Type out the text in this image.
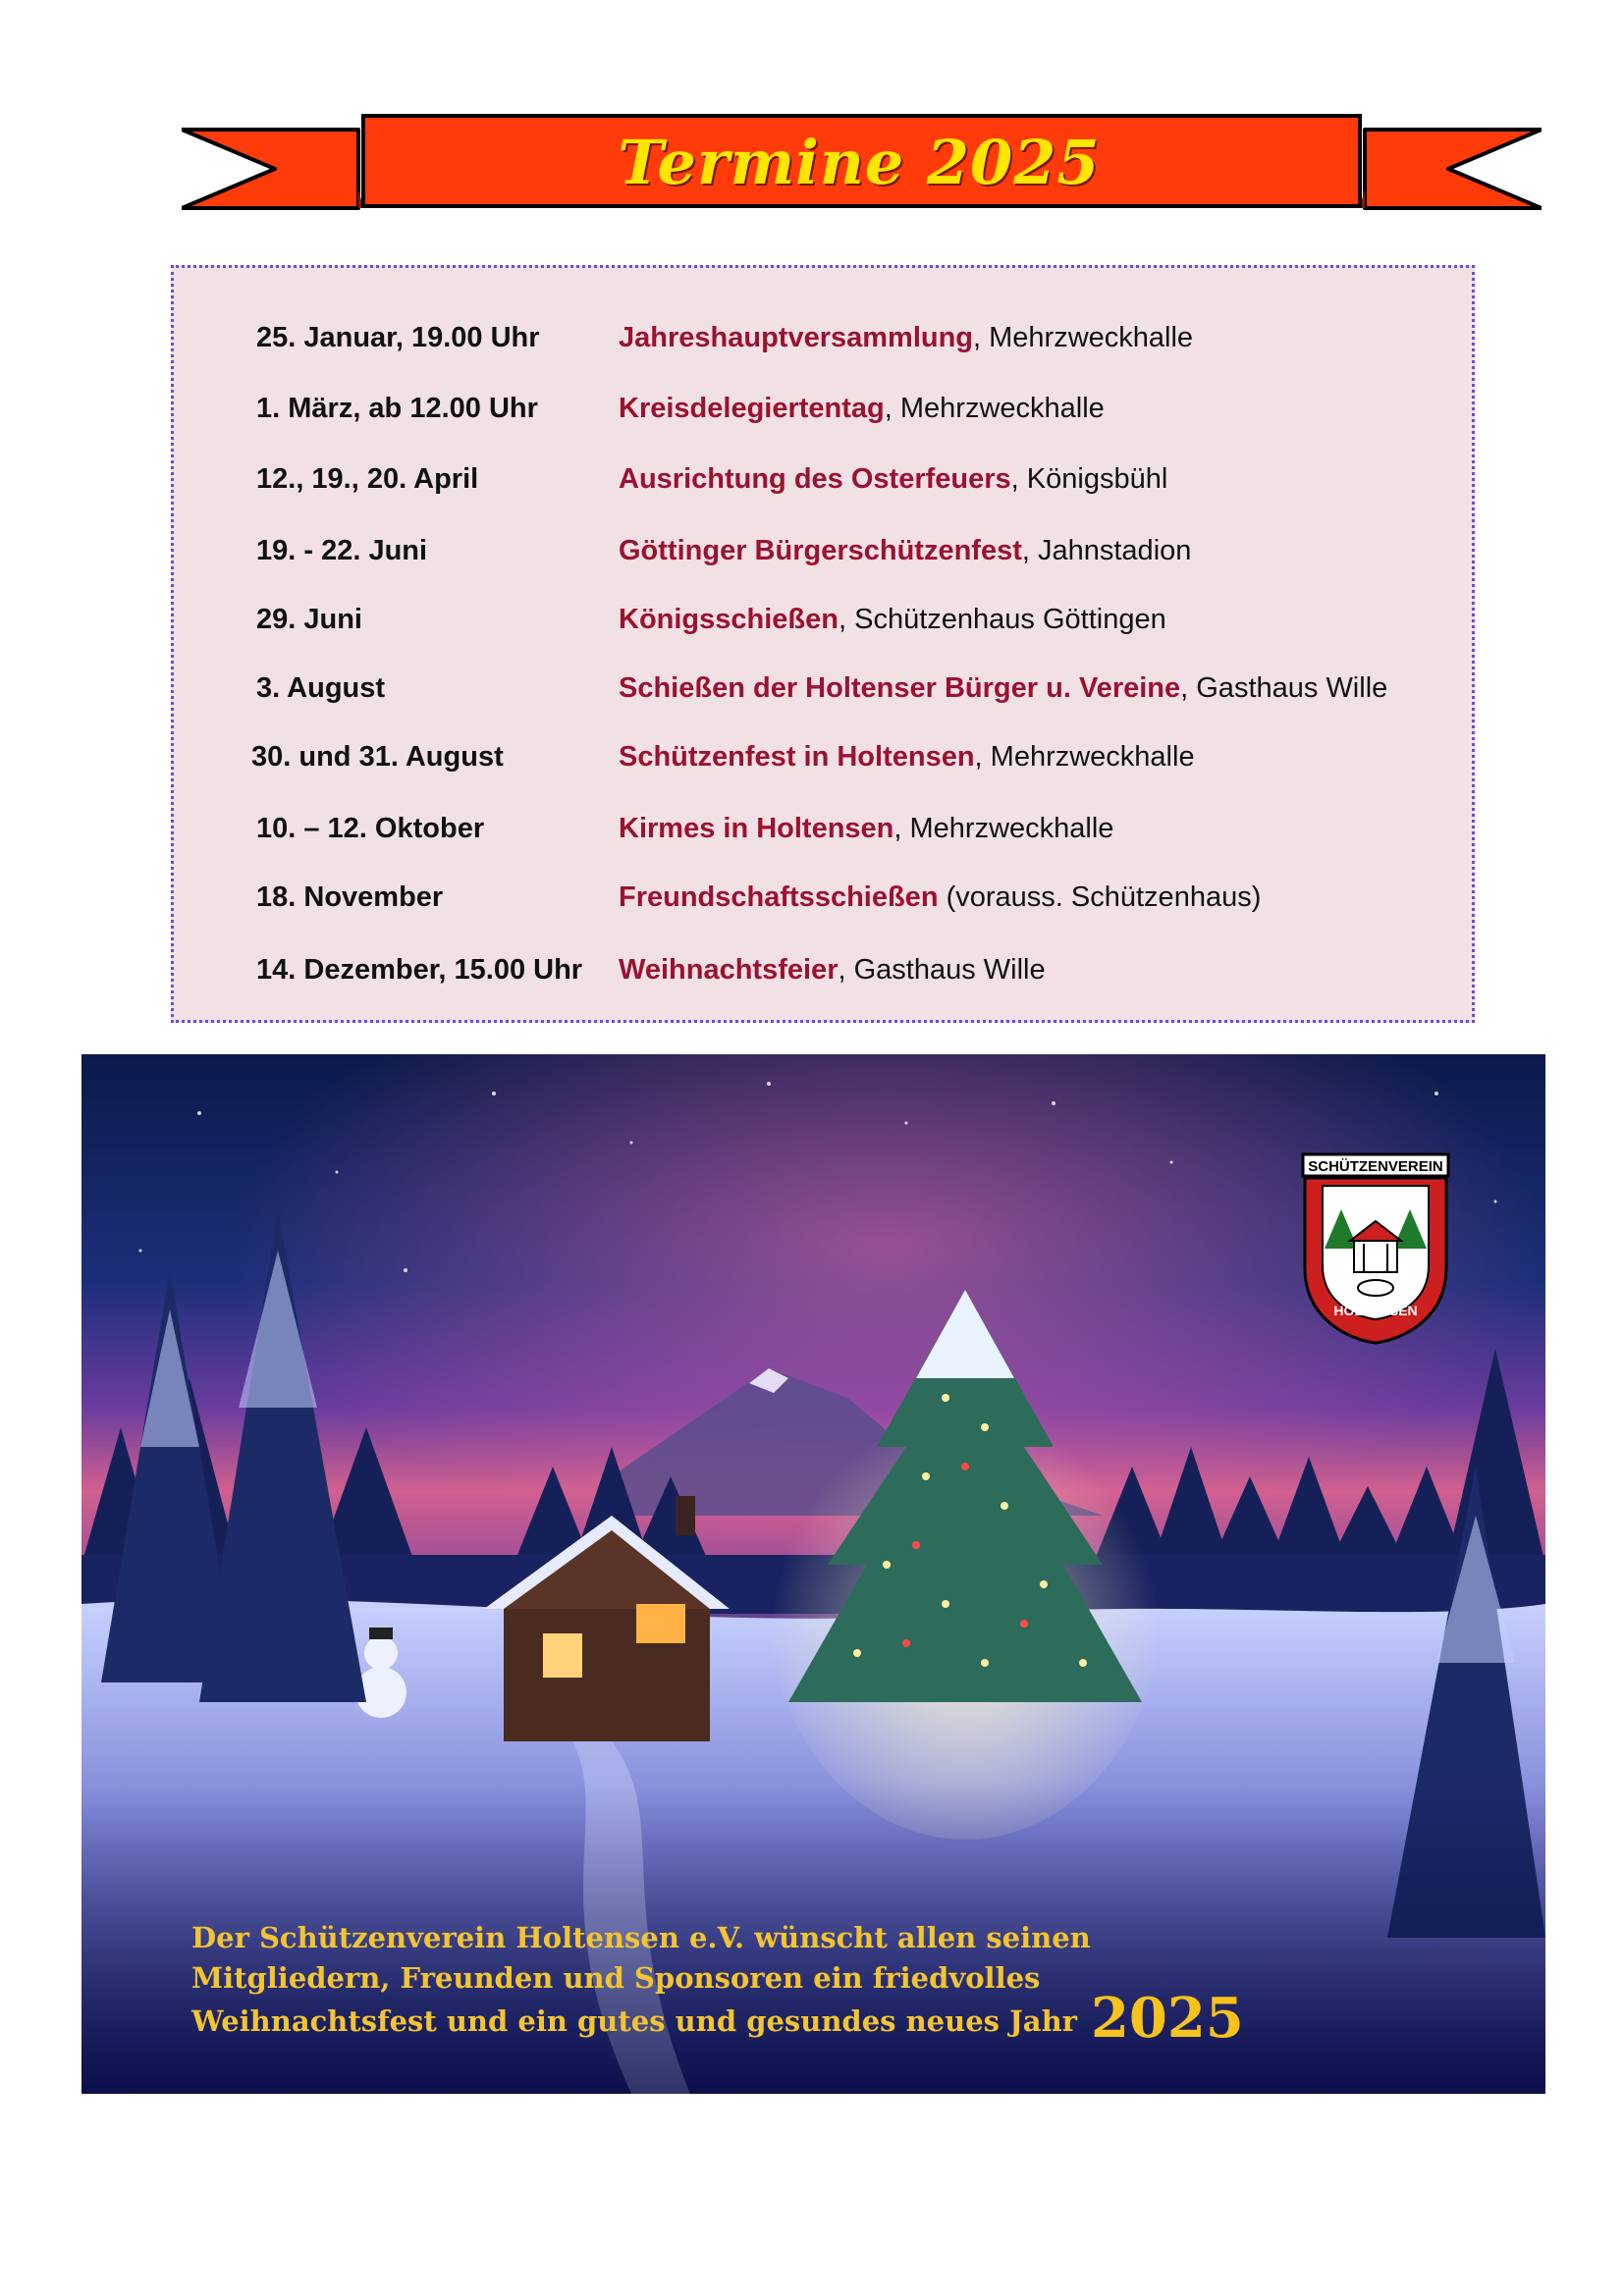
Termine 2025
25. Januar, 19.00 Uhr	Jahreshauptversammlung, Mehrzweckhalle
1. März, ab 12.00 Uhr	Kreisdelegiertentag, Mehrzweckhalle
12., 19., 20. April	Ausrichtung des Osterfeuers, Königsbühl
19. - 22. Juni	Göttinger Bürgerschützenfest, Jahnstadion
29. Juni	Königsschießen, Schützenhaus Göttingen
3. August	Schießen der Holtenser Bürger u. Vereine, Gasthaus Wille
30. und 31. August	Schützenfest in Holtensen, Mehrzweckhalle
10. – 12. Oktober	Kirmes in Holtensen, Mehrzweckhalle
18. November	Freundschaftsschießen (vorauss. Schützenhaus)
14. Dezember, 15.00 Uhr Weihnachtsfeier, Gasthaus Wille
SCHÜTZENVEREIN
HOLTENSEN
Der Schützenverein Holtensen e.V. wünscht allen seinen
Mitgliedern, Freunden und Sponsoren ein friedvolles
Weihnachtsfest und ein gutes und gesundes neues Jahr 2025
